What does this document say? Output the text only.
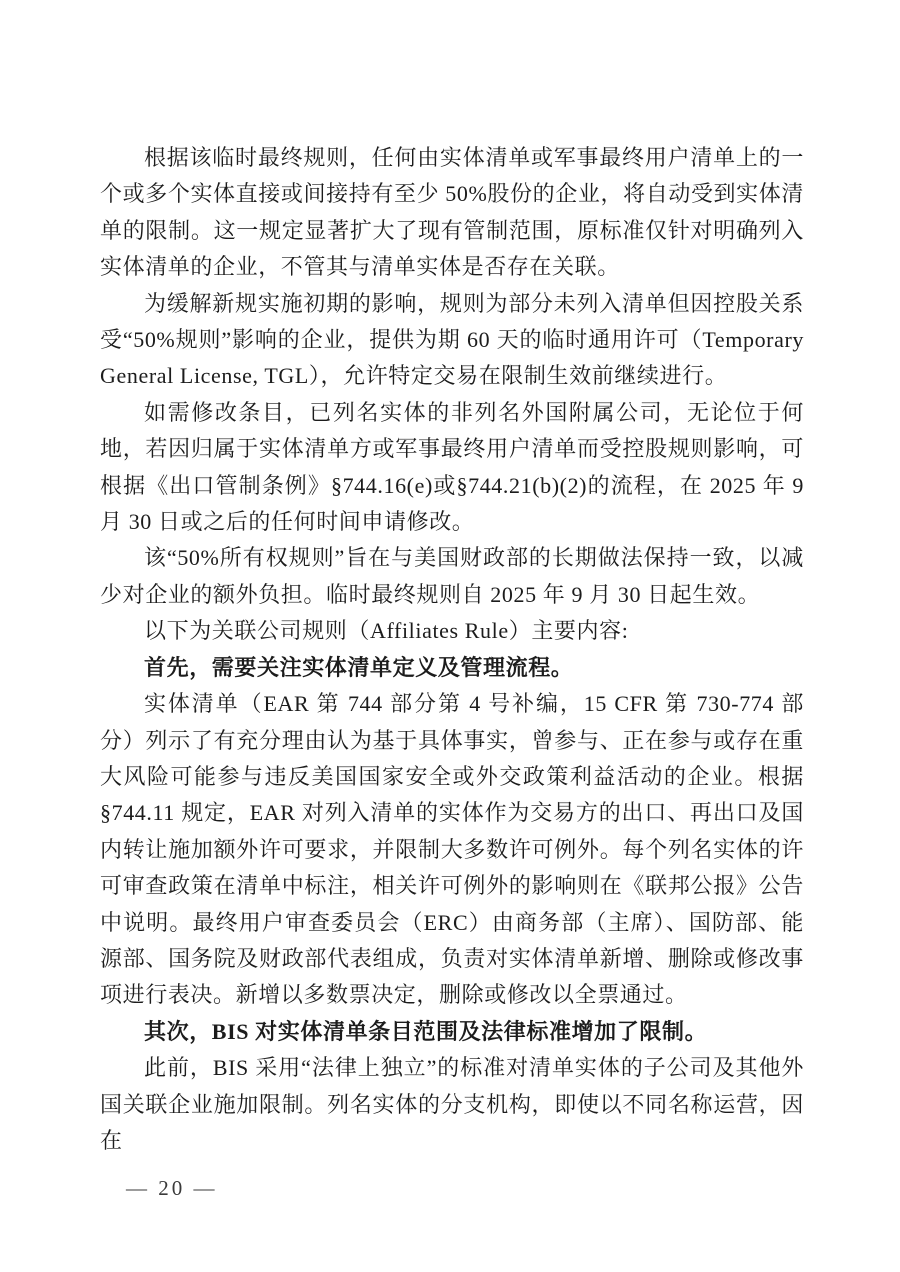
根据该临时最终规则，任何由实体清单或军事最终用户清单上的一个或多个实体直接或间接持有至少 50%股份的企业，将自动受到实体清单的限制。这一规定显著扩大了现有管制范围，原标准仅针对明确列入实体清单的企业，不管其与清单实体是否存在关联。

为缓解新规实施初期的影响，规则为部分未列入清单但因控股关系受“50%规则”影响的企业，提供为期 60 天的临时通用许可（Temporary General License, TGL），允许特定交易在限制生效前继续进行。

如需修改条目，已列名实体的非列名外国附属公司，无论位于何地，若因归属于实体清单方或军事最终用户清单而受控股规则影响，可根据《出口管制条例》§744.16(e)或§744.21(b)(2)的流程，在 2025 年 9 月 30 日或之后的任何时间申请修改。

该“50%所有权规则”旨在与美国财政部的长期做法保持一致，以减少对企业的额外负担。临时最终规则自 2025 年 9 月 30 日起生效。

以下为关联公司规则（Affiliates Rule）主要内容:

首先，需要关注实体清单定义及管理流程。

实体清单（EAR 第 744 部分第 4 号补编，15 CFR 第 730-774 部分）列示了有充分理由认为基于具体事实，曾参与、正在参与或存在重大风险可能参与违反美国国家安全或外交政策利益活动的企业。根据§744.11 规定，EAR 对列入清单的实体作为交易方的出口、再出口及国内转让施加额外许可要求，并限制大多数许可例外。每个列名实体的许可审查政策在清单中标注，相关许可例外的影响则在《联邦公报》公告中说明。最终用户审查委员会（ERC）由商务部（主席）、国防部、能源部、国务院及财政部代表组成，负责对实体清单新增、删除或修改事项进行表决。新增以多数票决定，删除或修改以全票通过。

其次，BIS 对实体清单条目范围及法律标准增加了限制。

此前，BIS 采用“法律上独立”的标准对清单实体的子公司及其他外国关联企业施加限制。列名实体的分支机构，即使以不同名称运营，因在

— 20 —
